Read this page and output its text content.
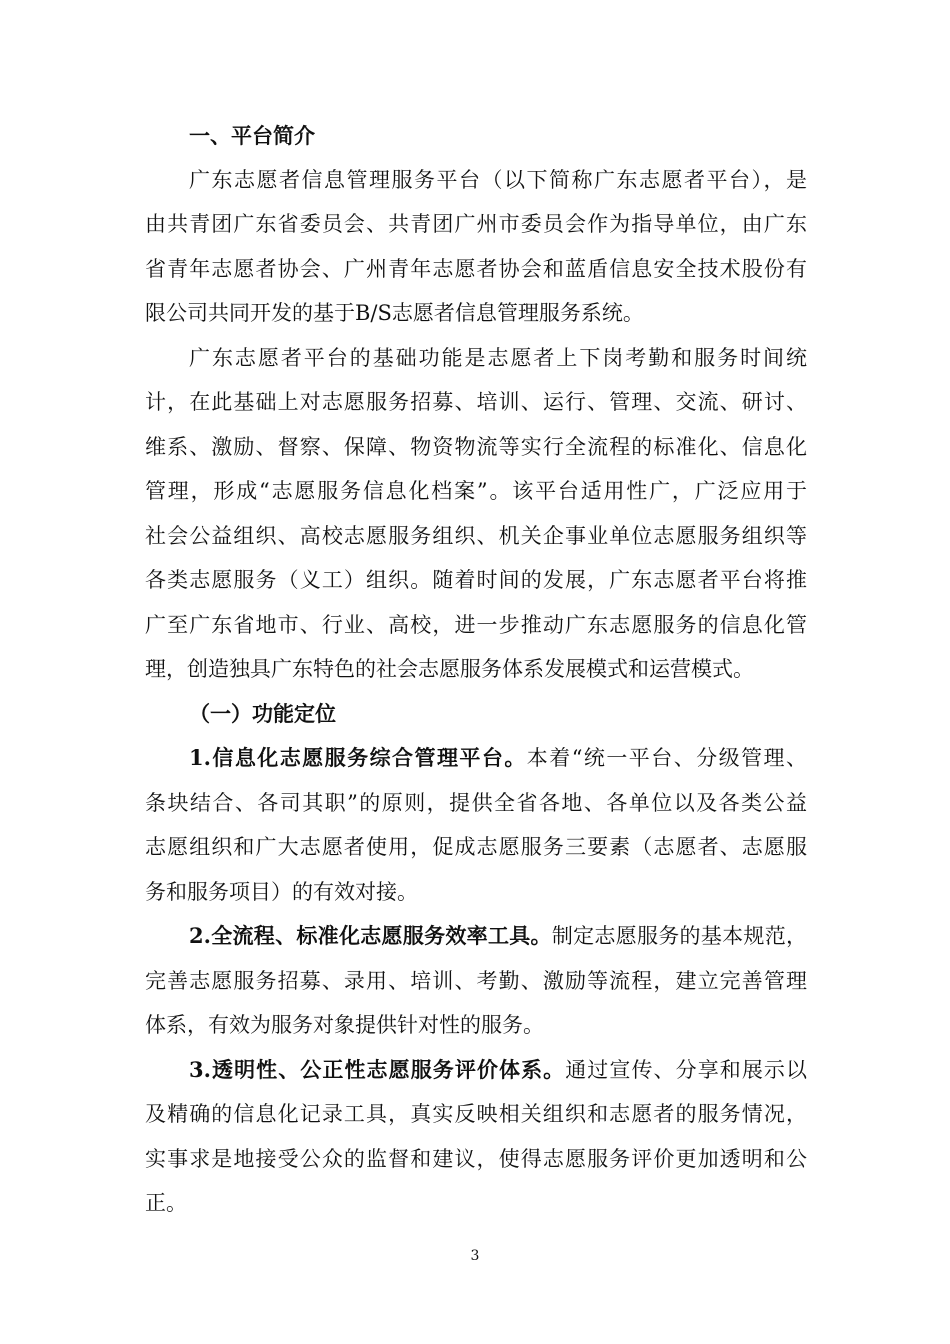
一、平台简介
广东志愿者信息管理服务平台（以下简称广东志愿者平台），是
由共青团广东省委员会、共青团广州市委员会作为指导单位，由广东
省青年志愿者协会、广州青年志愿者协会和蓝盾信息安全技术股份有
限公司共同开发的基于B/S志愿者信息管理服务系统。
广东志愿者平台的基础功能是志愿者上下岗考勤和服务时间统
计，在此基础上对志愿服务招募、培训、运行、管理、交流、研讨、
维系、激励、督察、保障、物资物流等实行全流程的标准化、信息化
管理，形成“志愿服务信息化档案”。该平台适用性广，广泛应用于
社会公益组织、高校志愿服务组织、机关企事业单位志愿服务组织等
各类志愿服务（义工）组织。随着时间的发展，广东志愿者平台将推
广至广东省地市、行业、高校，进一步推动广东志愿服务的信息化管
理，创造独具广东特色的社会志愿服务体系发展模式和运营模式。
（一）功能定位
1.信息化志愿服务综合管理平台。本着“统一平台、分级管理、
条块结合、各司其职”的原则，提供全省各地、各单位以及各类公益
志愿组织和广大志愿者使用，促成志愿服务三要素（志愿者、志愿服
务和服务项目）的有效对接。
2.全流程、标准化志愿服务效率工具。制定志愿服务的基本规范，
完善志愿服务招募、录用、培训、考勤、激励等流程，建立完善管理
体系，有效为服务对象提供针对性的服务。
3.透明性、公正性志愿服务评价体系。通过宣传、分享和展示以
及精确的信息化记录工具，真实反映相关组织和志愿者的服务情况，
实事求是地接受公众的监督和建议，使得志愿服务评价更加透明和公
正。
3
